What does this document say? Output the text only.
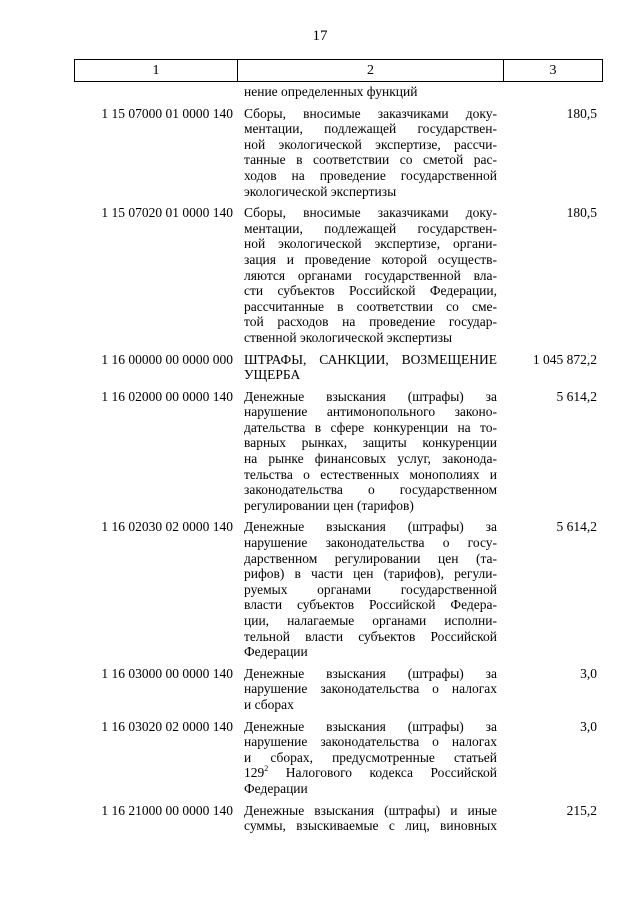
17
1	2	3
нение определенных функций
1 15 07000 01 0000 140 Сборы, вносимые заказчиками доку-
ментации, подлежащей государствен-
ной экологической экспертизе, рассчи-
танные в соответствии со сметой рас-
ходов на проведение государственной
экологической экспертизы
180,5
1 15 07020 01 0000 140 Сборы, вносимые заказчиками доку-
ментации, подлежащей государствен-
ной экологической экспертизе, органи-
зация и проведение которой осуществ-
ляются органами государственной вла-
сти субъектов Российской Федерации,
рассчитанные в соответствии со сме-
той расходов на проведение государ-
ственной экологической экспертизы
180,5
1 16 00000 00 0000 000 ШТРАФЫ, САНКЦИИ, ВОЗМЕЩЕНИЕ
УЩЕРБА
1 045 872,2
1 16 02000 00 0000 140 Денежные взыскания (штрафы) за
нарушение антимонопольного законо-
дательства в сфере конкуренции на то-
варных рынках, защиты конкуренции
на рынке финансовых услуг, законода-
тельства о естественных монополиях и
законодательства о государственном
регулировании цен (тарифов)
5 614,2
1 16 02030 02 0000 140 Денежные взыскания (штрафы) за
нарушение законодательства о госу-
дарственном регулировании цен (та-
рифов) в части цен (тарифов), регули-
руемых органами государственной
власти субъектов Российской Федера-
ции, налагаемые органами исполни-
тельной власти субъектов Российской
Федерации
5 614,2
1 16 03000 00 0000 140 Денежные взыскания (штрафы) за
нарушение законодательства о налогах
и сборах
3,0
1 16 03020 02 0000 140 Денежные взыскания (штрафы) за
нарушение законодательства о налогах
и сборах, предусмотренные статьей
$129^2$ Налогового кодекса Российской
Федерации
3,0
1 16 21000 00 0000 140 Денежные взыскания (штрафы) и иные
суммы, взыскиваемые с лиц, виновных
215,2
